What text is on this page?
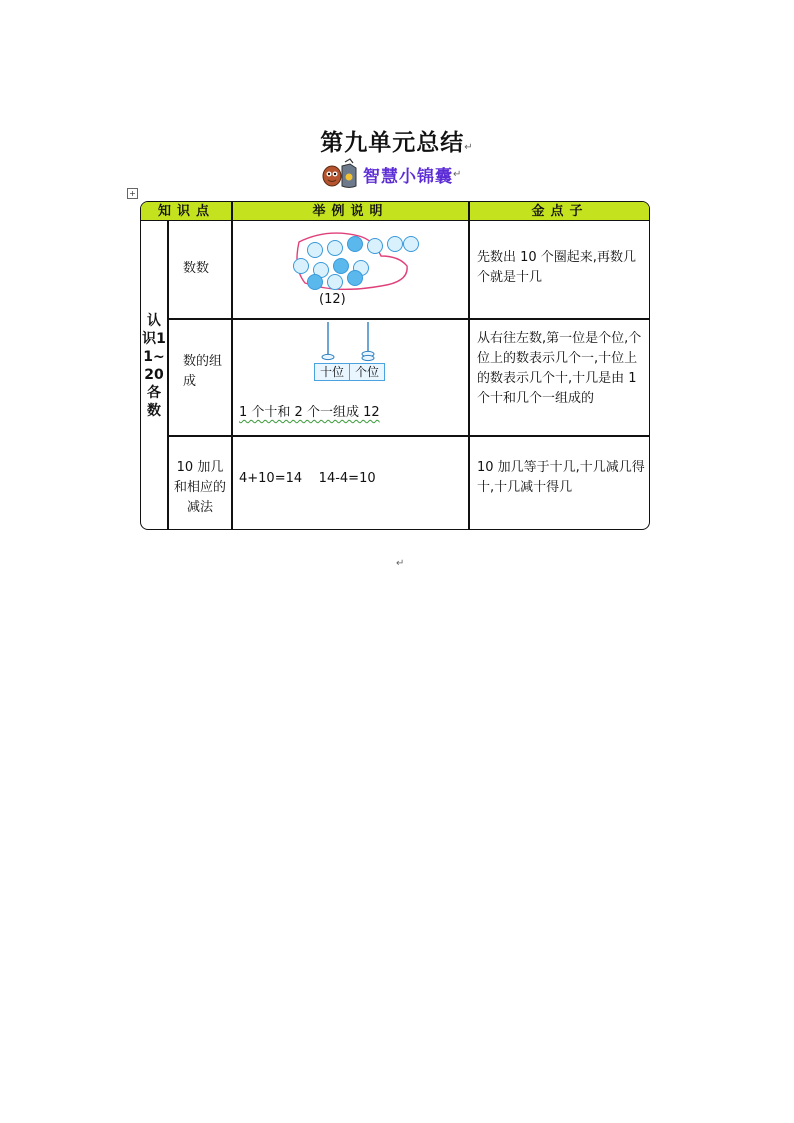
第九单元总结↵
智慧小锦囊 ↵
+
知识点	举例说明	金点子
认识11~20各数
数数
(12)
先数出 10 个圈起来,再数几个就是十几
数的组成
十位 个位
1 个十和 2 个一组成 12
从右往左数,第一位是个位,个位上的数表示几个一,十位上的数表示几个十,十几是由 1 个十和几个一组成的
10 加几和相应的减法
4+10=14    14-4=10
10 加几等于十几,十几减几得十,十几减十得几
↵
